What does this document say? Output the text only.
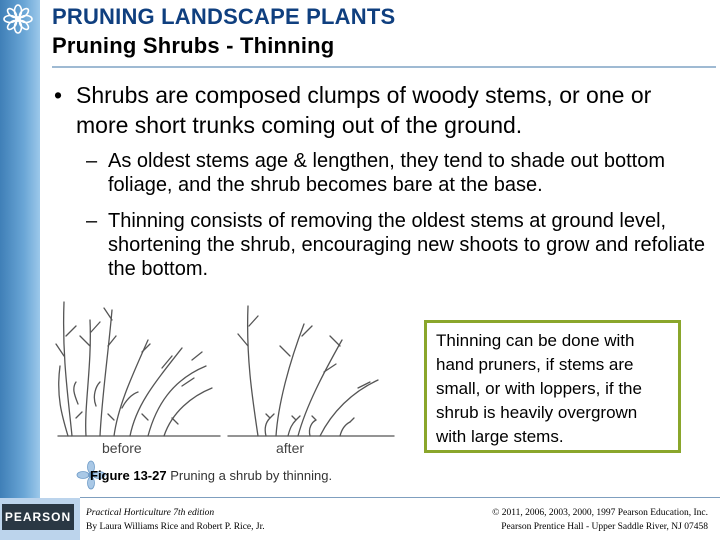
PRUNING LANDSCAPE PLANTS
Pruning Shrubs - Thinning
• Shrubs are composed clumps of woody stems, or one or more short trunks coming out of the ground.
– As oldest stems age & lengthen, they tend to shade out bottom foliage, and the shrub becomes bare at the base.
– Thinning consists of removing the oldest stems at ground level, shortening the shrub, encouraging new shoots to grow and refoliate the bottom.
before	after
Thinning can be done with hand pruners, if stems are small, or with loppers, if the shrub is heavily overgrown with large stems.
Figure 13-27 Pruning a shrub by thinning.
PEARSON Practical Horticulture 7th edition
By Laura Williams Rice and Robert P. Rice, Jr.
© 2011, 2006, 2003, 2000, 1997 Pearson Education, Inc.
Pearson Prentice Hall - Upper Saddle River, NJ 07458
